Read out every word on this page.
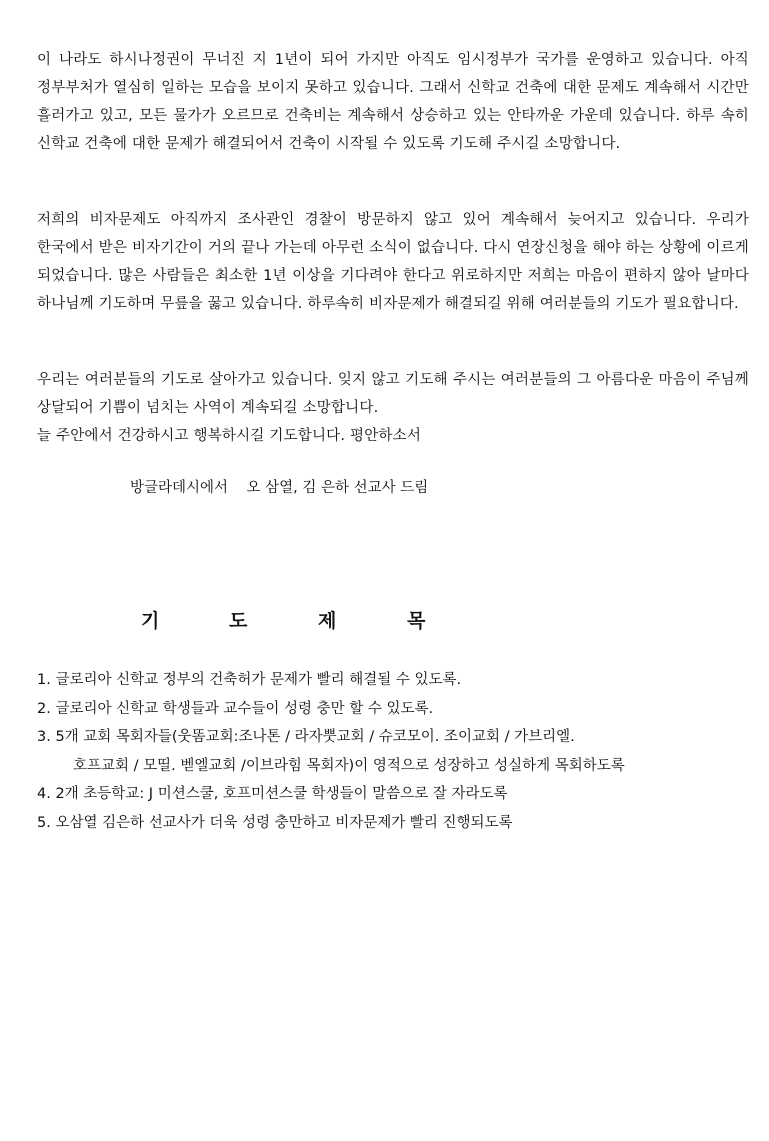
이 나라도 하시나정권이 무너진 지 1년이 되어 가지만 아직도 임시정부가 국가를 운영하고 있습니다. 아직 정부부처가 열심히 일하는 모습을 보이지 못하고 있습니다. 그래서 신학교 건축에 대한 문제도 계속해서 시간만 흘러가고 있고, 모든 물가가 오르므로 건축비는 계속해서 상승하고 있는 안타까운 가운데 있습니다. 하루 속히 신학교 건축에 대한 문제가 해결되어서 건축이 시작될 수 있도록 기도해 주시길 소망합니다.

저희의 비자문제도 아직까지 조사관인 경찰이 방문하지 않고 있어 계속해서 늦어지고 있습니다. 우리가 한국에서 받은 비자기간이 거의 끝나 가는데 아무런 소식이 없습니다. 다시 연장신청을 해야 하는 상황에 이르게 되었습니다. 많은 사람들은 최소한 1년 이상을 기다려야 한다고 위로하지만 저희는 마음이 편하지 않아 날마다 하나님께 기도하며 무릎을 꿇고 있습니다. 하루속히 비자문제가 해결되길 위해 여러분들의 기도가 필요합니다.

우리는 여러분들의 기도로 살아가고 있습니다. 잊지 않고 기도해 주시는 여러분들의 그 아름다운 마음이 주님께 상달되어 기쁨이 넘치는 사역이 계속되길 소망합니다.
늘 주안에서 건강하시고 행복하시길 기도합니다. 평안하소서
방글라데시에서    오 삼열, 김 은하 선교사 드림
기	도	제	목
1. 글로리아 신학교 정부의 건축허가 문제가 빨리 해결될 수 있도록.
2. 글로리아 신학교 학생들과 교수들이 성령 충만 할 수 있도록.
3. 5개 교회 목회자들(웃똠교회:조나톤 / 라자뿟교회 / 슈코모이. 조이교회 / 가브리엘.
호프교회 / 모띨. 벧엘교회 /이브라힘 목회자)이 영적으로 성장하고 성실하게 목회하도록
4. 2개 초등학교: J 미션스쿨, 호프미션스쿨 학생들이 말씀으로 잘 자라도록
5. 오삼열 김은하 선교사가 더욱 성령 충만하고 비자문제가 빨리 진행되도록
